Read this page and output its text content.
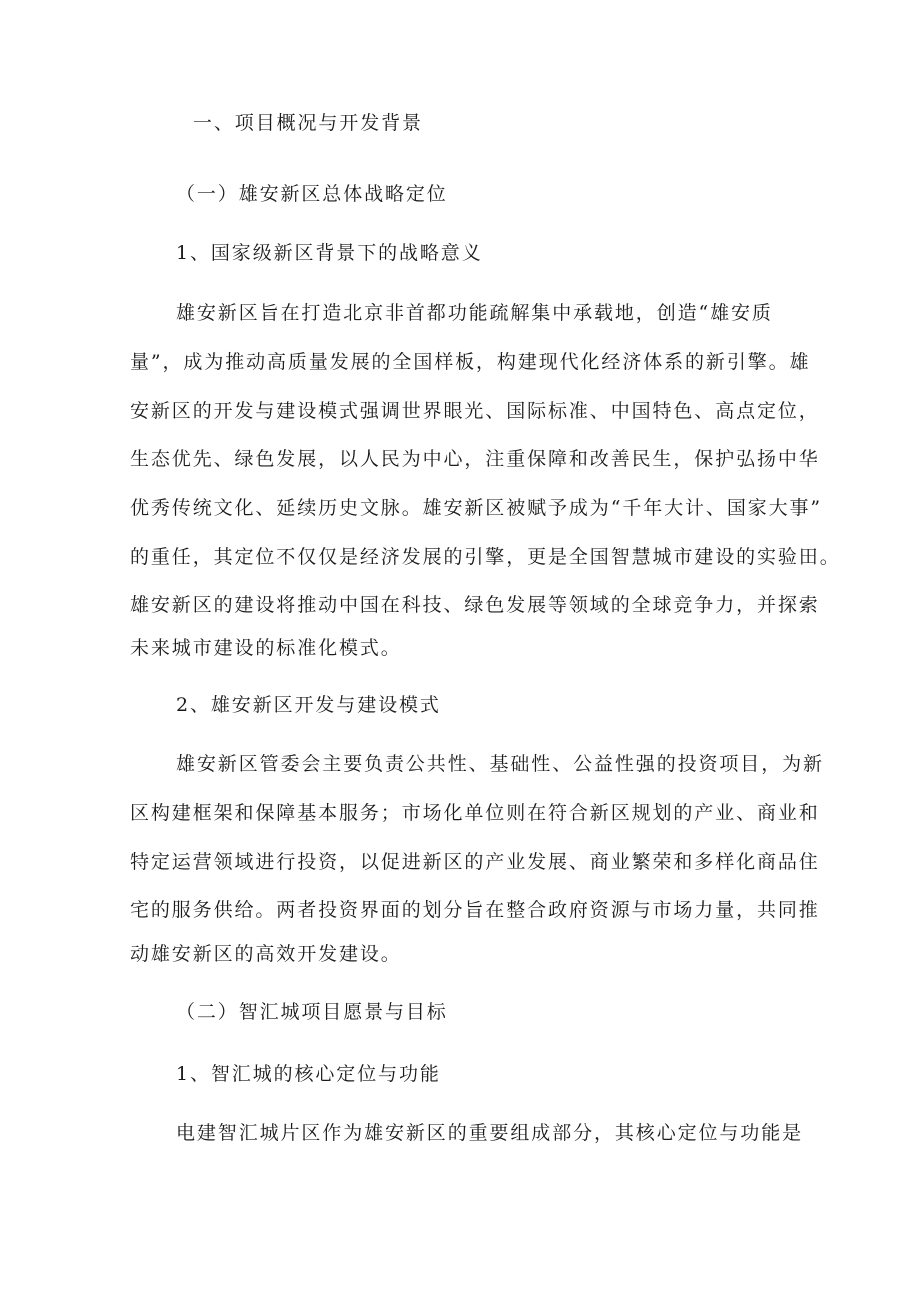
一、项目概况与开发背景
（一）雄安新区总体战略定位
1、国家级新区背景下的战略意义
雄安新区旨在打造北京非首都功能疏解集中承载地，创造“雄安质
量”，成为推动高质量发展的全国样板，构建现代化经济体系的新引擎。雄
安新区的开发与建设模式强调世界眼光、国际标准、中国特色、高点定位，
生态优先、绿色发展，以人民为中心，注重保障和改善民生，保护弘扬中华
优秀传统文化、延续历史文脉。雄安新区被赋予成为“千年大计、国家大事”
的重任，其定位不仅仅是经济发展的引擎，更是全国智慧城市建设的实验田。
雄安新区的建设将推动中国在科技、绿色发展等领域的全球竞争力，并探索
未来城市建设的标准化模式。
2、雄安新区开发与建设模式
雄安新区管委会主要负责公共性、基础性、公益性强的投资项目，为新
区构建框架和保障基本服务；市场化单位则在符合新区规划的产业、商业和
特定运营领域进行投资，以促进新区的产业发展、商业繁荣和多样化商品住
宅的服务供给。两者投资界面的划分旨在整合政府资源与市场力量，共同推
动雄安新区的高效开发建设。
（二）智汇城项目愿景与目标
1、智汇城的核心定位与功能
电建智汇城片区作为雄安新区的重要组成部分，其核心定位与功能是
